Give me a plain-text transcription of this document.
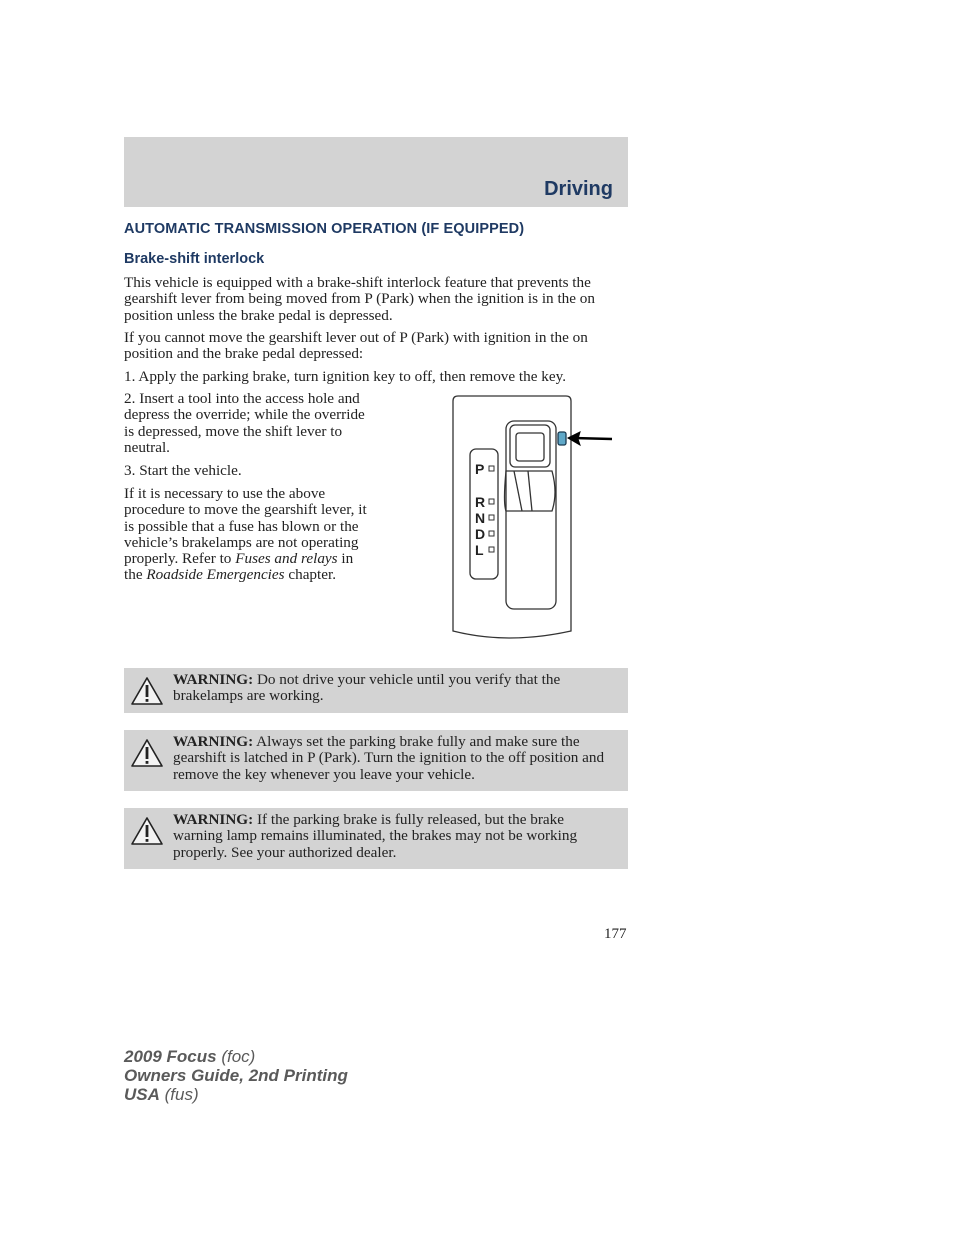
Driving
AUTOMATIC TRANSMISSION OPERATION (IF EQUIPPED)
Brake-shift interlock

This vehicle is equipped with a brake-shift interlock feature that prevents the gearshift lever from being moved from P (Park) when the ignition is in the on position unless the brake pedal is depressed.

If you cannot move the gearshift lever out of P (Park) with ignition in the on position and the brake pedal depressed:

1. Apply the parking brake, turn ignition key to off, then remove the key.

2. Insert a tool into the access hole and depress the override; while the override is depressed, move the shift lever to neutral.

3. Start the vehicle.

If it is necessary to use the above procedure to move the gearshift lever, it is possible that a fuse has blown or the vehicle’s brakelamps are not operating properly. Refer to Fuses and relays in the Roadside Emergencies chapter.

P
R
N
D
L
WARNING: Do not drive your vehicle until you verify that the brakelamps are working.
WARNING: Always set the parking brake fully and make sure the gearshift is latched in P (Park). Turn the ignition to the off position and remove the key whenever you leave your vehicle.
WARNING: If the parking brake is fully released, but the brake warning lamp remains illuminated, the brakes may not be working properly. See your authorized dealer.

177

2009 Focus (foc)
Owners Guide, 2nd Printing
USA (fus)
